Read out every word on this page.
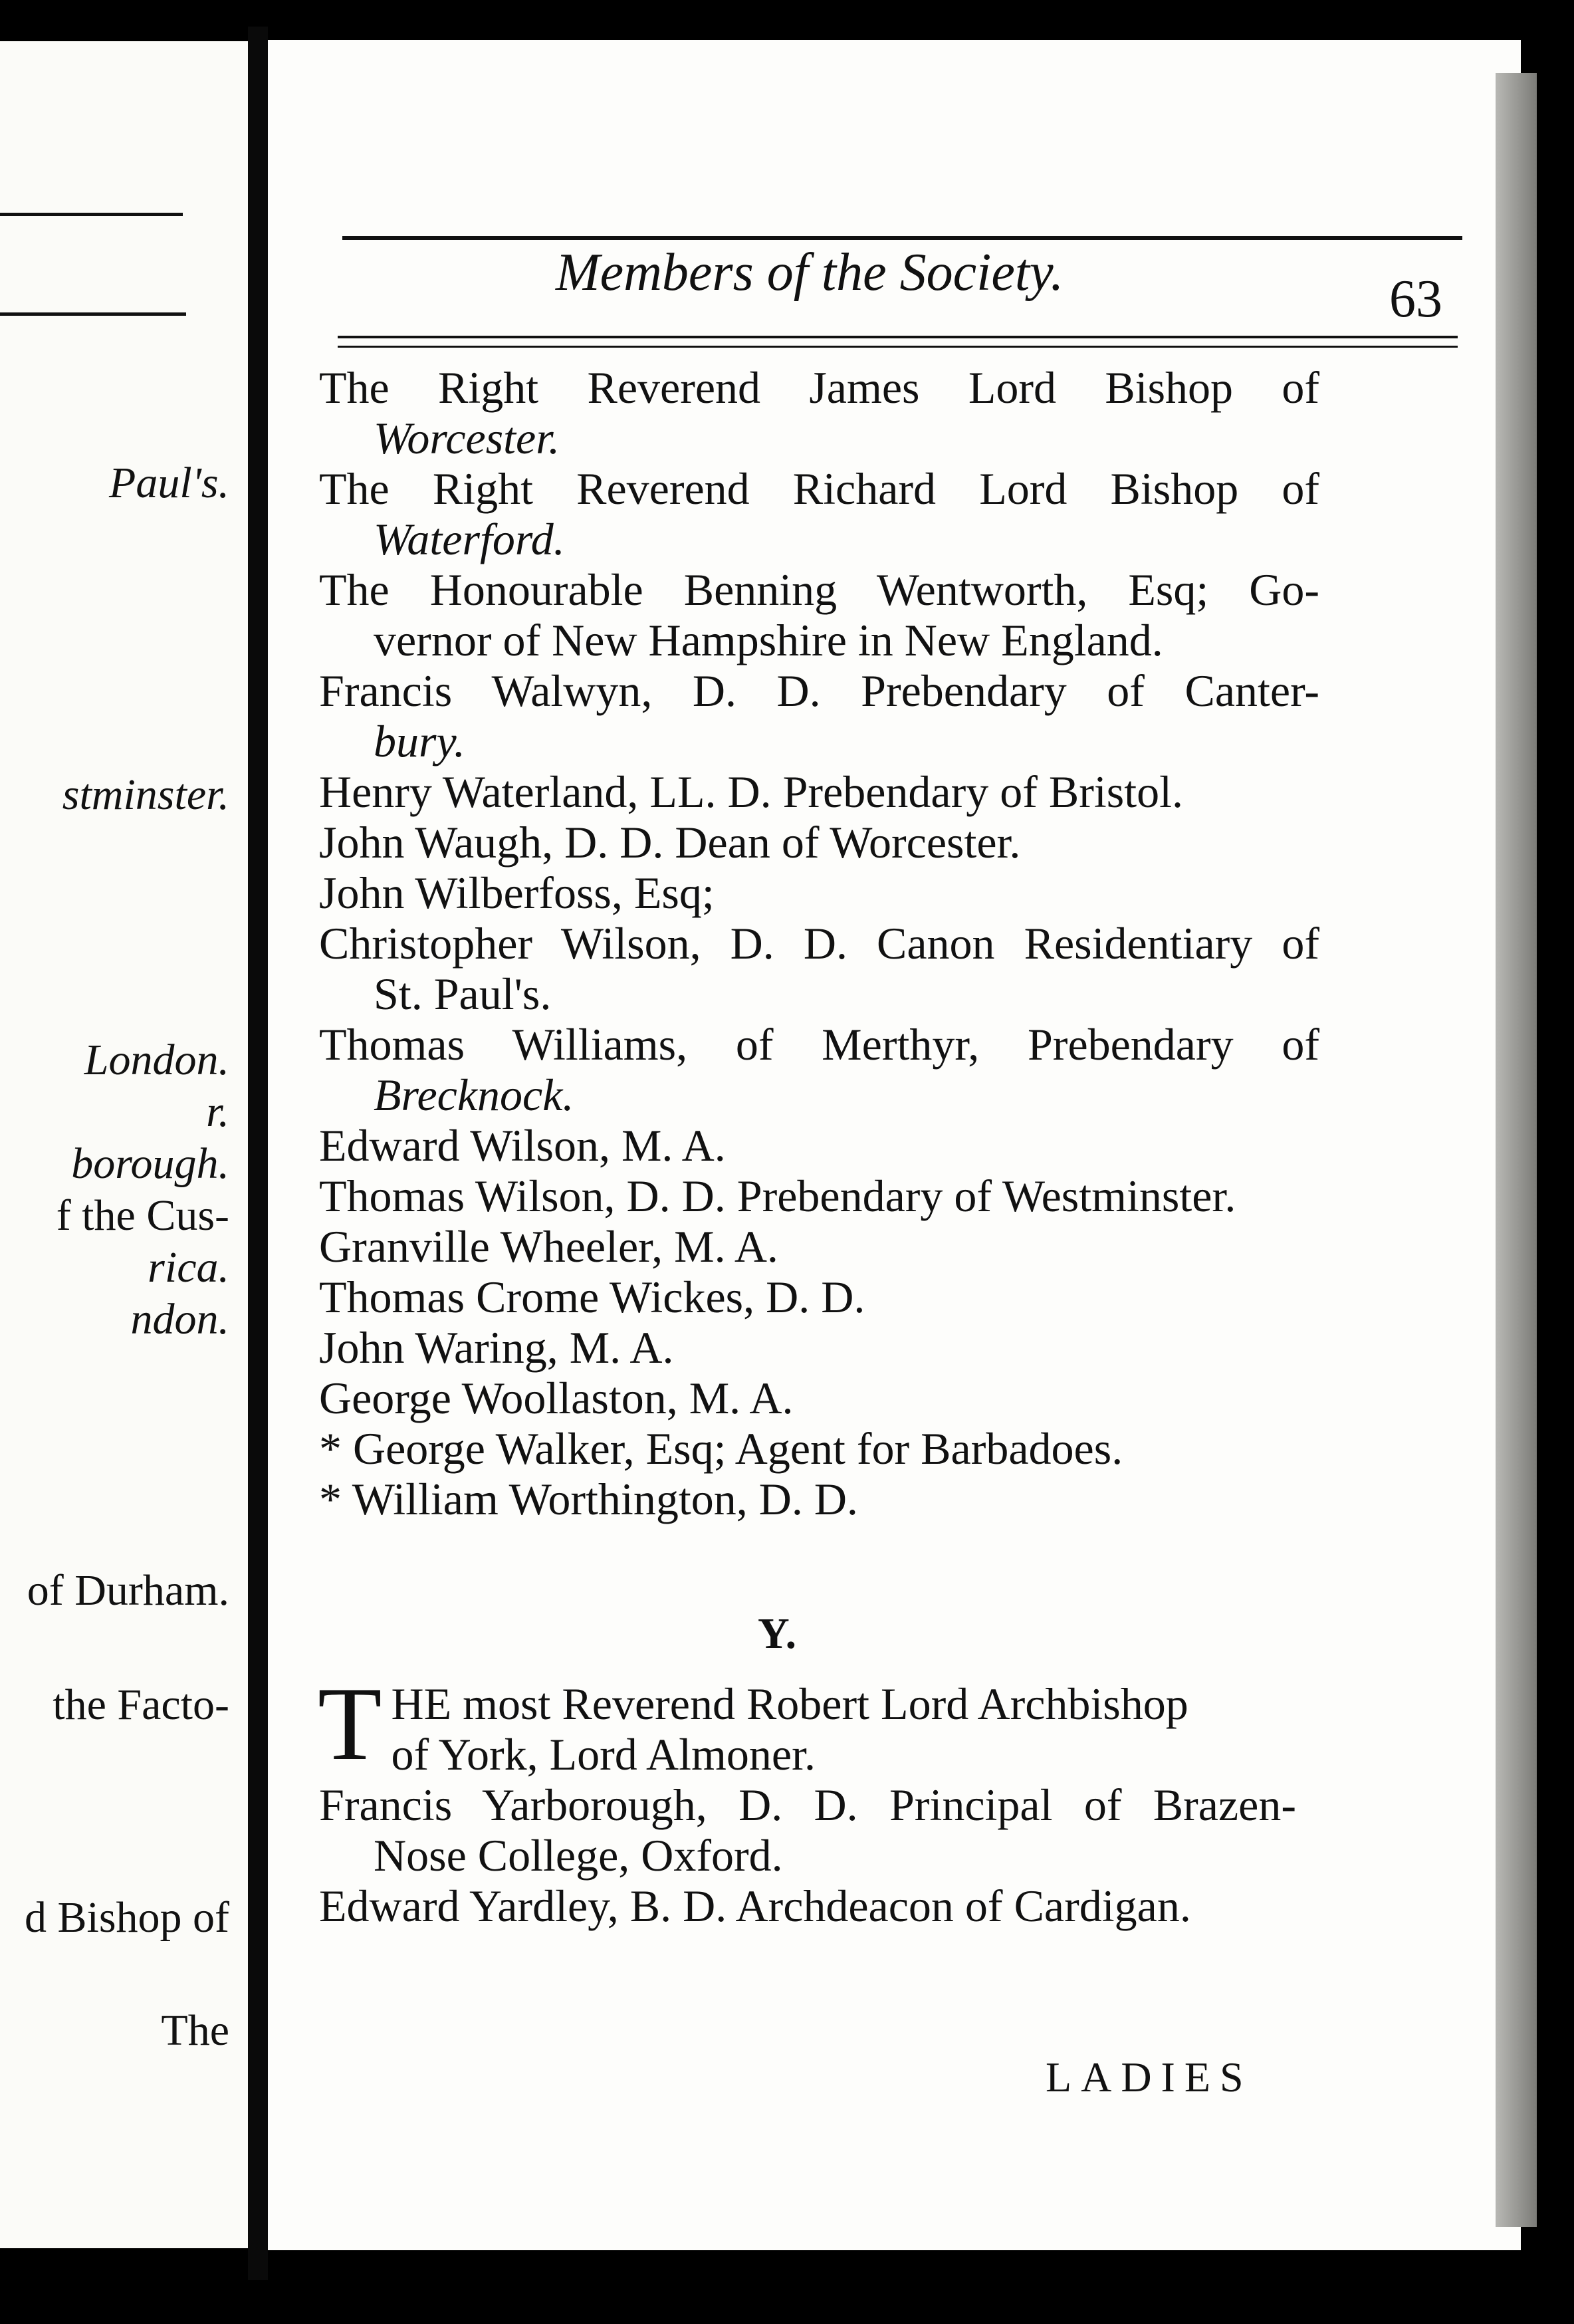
Paul's.
stminster.
London.
r.
borough.
f the Cus-
rica.
ndon.
of Durham.
the Facto-
d Bishop of
The
Members of the Society.	63
The Right Reverend James Lord Bishop of
Worcester.
The Right Reverend Richard Lord Bishop of
Waterford.
The Honourable Benning Wentworth, Esq; Go-
vernor of New Hampshire in New England.
Francis Walwyn, D. D. Prebendary of Canter-
bury.
Henry Waterland, LL. D. Prebendary of Bristol.
John Waugh, D. D. Dean of Worcester.
John Wilberfoss, Esq;
Christopher Wilson, D. D. Canon Residentiary of
St. Paul's.
Thomas Williams, of Merthyr, Prebendary of
Brecknock.
Edward Wilson, M. A.
Thomas Wilson, D. D. Prebendary of Westminster.
Granville Wheeler, M. A.
Thomas Crome Wickes, D. D.
John Waring, M. A.
George Woollaston, M. A.
* George Walker, Esq; Agent for Barbadoes.
* William Worthington, D. D.
Y.
T HE most Reverend Robert Lord Archbishop
of York, Lord Almoner.
Francis Yarborough, D. D. Principal of Brazen-
Nose College, Oxford.
Edward Yardley, B. D. Archdeacon of Cardigan.
LADIES
